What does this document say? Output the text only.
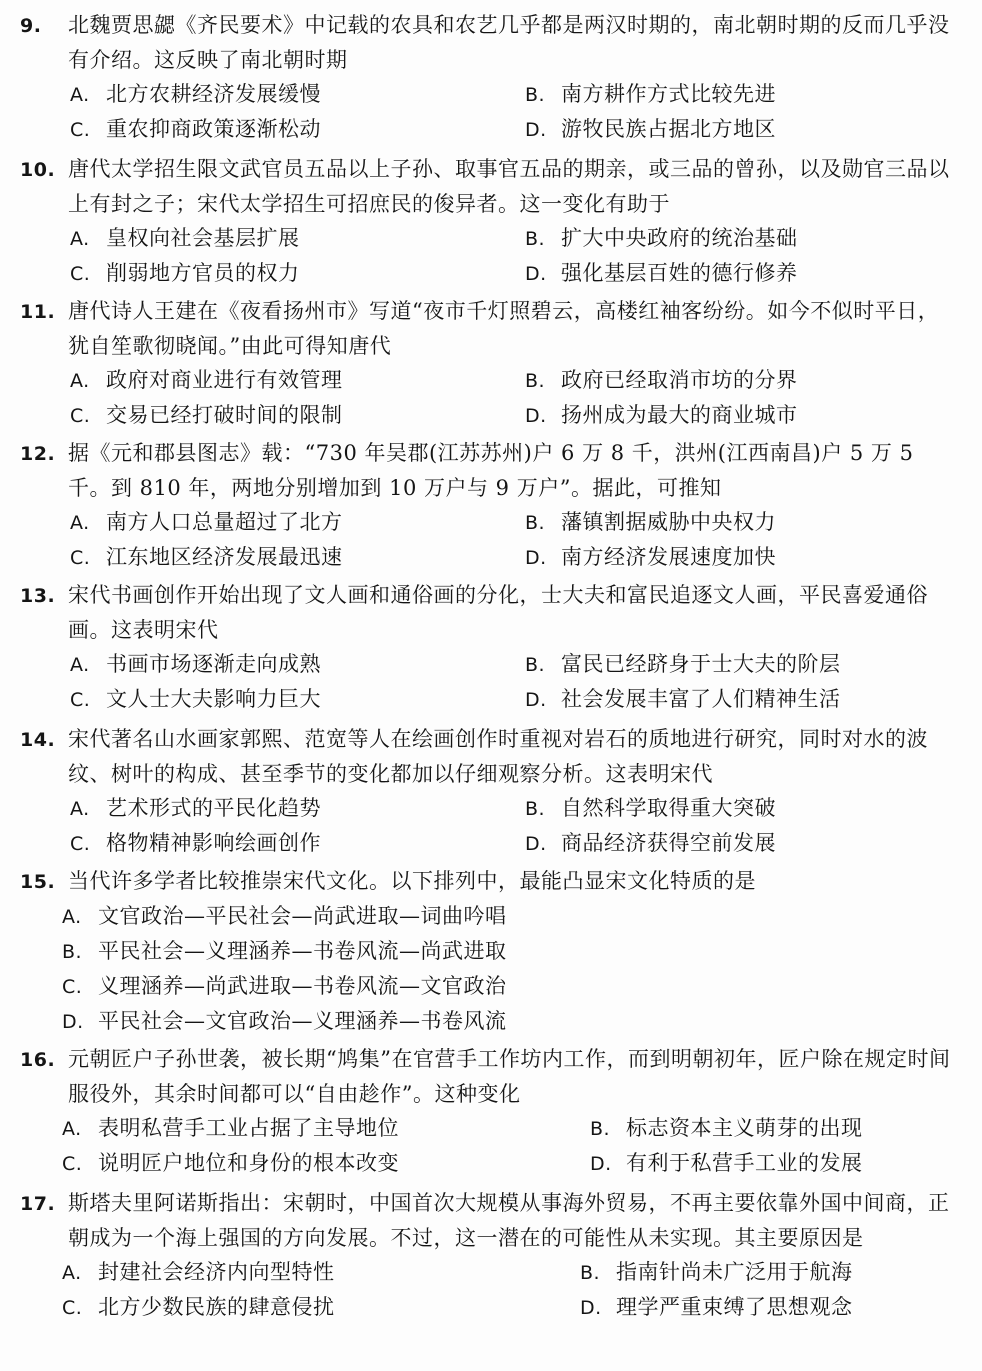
9. 北魏贾思勰《齐民要术》中记载的农具和农艺几乎都是两汉时期的，南北朝时期的反而几乎没有介绍。这反映了南北朝时期
A. 北方农耕经济发展缓慢	B. 南方耕作方式比较先进
C. 重农抑商政策逐渐松动	D. 游牧民族占据北方地区
10. 唐代太学招生限文武官员五品以上子孙、取事官五品的期亲，或三品的曾孙，以及勋官三品以上有封之子；宋代太学招生可招庶民的俊异者。这一变化有助于
A. 皇权向社会基层扩展	B. 扩大中央政府的统治基础
C. 削弱地方官员的权力	D. 强化基层百姓的德行修养
11. 唐代诗人王建在《夜看扬州市》写道“夜市千灯照碧云，高楼红袖客纷纷。如今不似时平日，犹自笙歌彻晓闻。”由此可得知唐代
A. 政府对商业进行有效管理	B. 政府已经取消市坊的分界
C. 交易已经打破时间的限制	D. 扬州成为最大的商业城市
12. 据《元和郡县图志》载：“730 年吴郡(江苏苏州)户 6 万 8 千，洪州(江西南昌)户 5 万 5 千。到 810 年，两地分别增加到 10 万户与 9 万户”。据此，可推知
A. 南方人口总量超过了北方	B. 藩镇割据威胁中央权力
C. 江东地区经济发展最迅速	D. 南方经济发展速度加快
13. 宋代书画创作开始出现了文人画和通俗画的分化，士大夫和富民追逐文人画，平民喜爱通俗画。这表明宋代
A. 书画市场逐渐走向成熟	B. 富民已经跻身于士大夫的阶层
C. 文人士大夫影响力巨大	D. 社会发展丰富了人们精神生活
14. 宋代著名山水画家郭熙、范宽等人在绘画创作时重视对岩石的质地进行研究，同时对水的波纹、树叶的构成、甚至季节的变化都加以仔细观察分析。这表明宋代
A. 艺术形式的平民化趋势	B. 自然科学取得重大突破
C. 格物精神影响绘画创作	D. 商品经济获得空前发展
15. 当代许多学者比较推崇宋代文化。以下排列中，最能凸显宋文化特质的是
A. 文官政治—平民社会—尚武进取—词曲吟唱
B. 平民社会—义理涵养—书卷风流—尚武进取
C. 义理涵养—尚武进取—书卷风流—文官政治
D. 平民社会—文官政治—义理涵养—书卷风流
16. 元朝匠户子孙世袭，被长期“鸠集”在官营手工作坊内工作，而到明朝初年，匠户除在规定时间服役外，其余时间都可以“自由趁作”。这种变化
A. 表明私营手工业占据了主导地位	B. 标志资本主义萌芽的出现
C. 说明匠户地位和身份的根本改变	D. 有利于私营手工业的发展
17. 斯塔夫里阿诺斯指出：宋朝时，中国首次大规模从事海外贸易，不再主要依靠外国中间商，正朝成为一个海上强国的方向发展。不过，这一潜在的可能性从未实现。其主要原因是
A. 封建社会经济内向型特性	B. 指南针尚未广泛用于航海
C. 北方少数民族的肆意侵扰	D. 理学严重束缚了思想观念
